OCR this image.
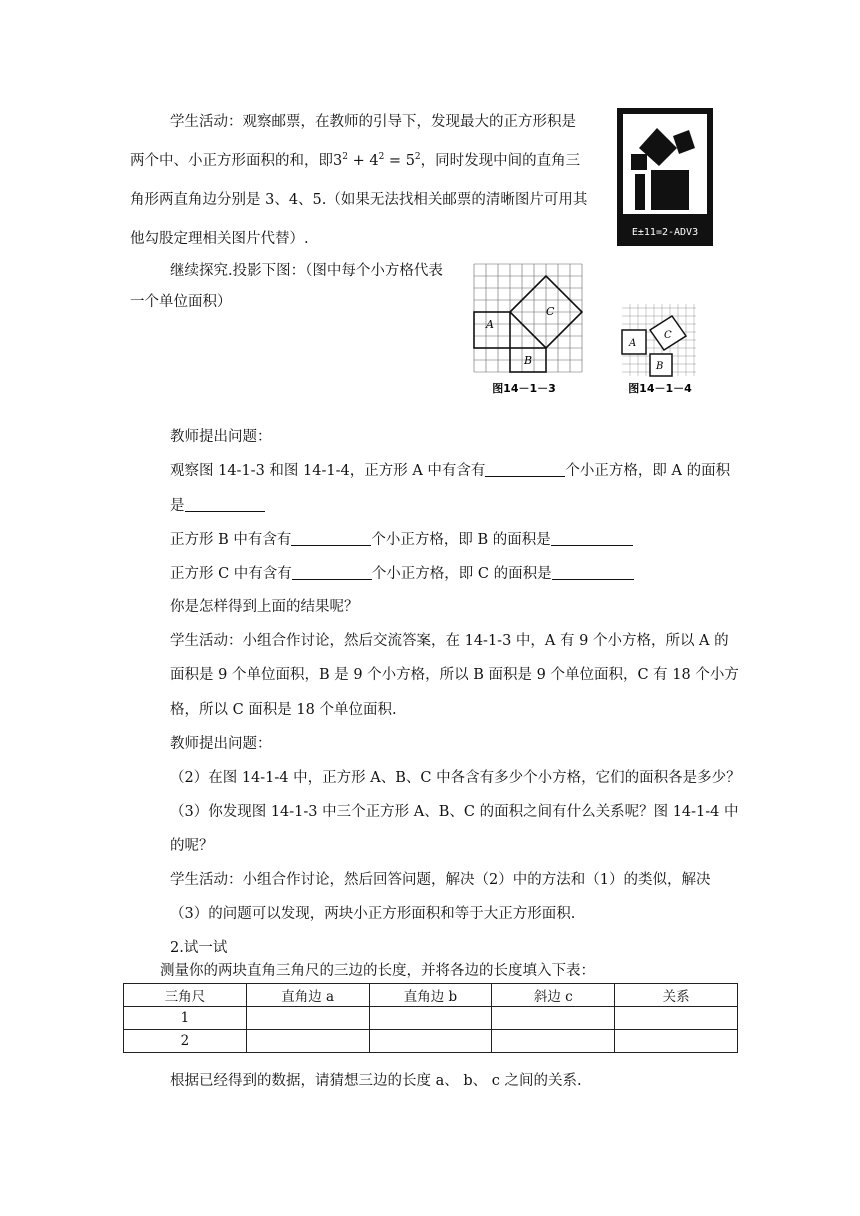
学生活动：观察邮票，在教师的引导下，发现最大的正方形积是

两个中、小正方形面积的和，即$3^2 + 4^2 = 5^2$，同时发现中间的直角三

角形两直角边分别是 3、4、5.（如果无法找相关邮票的清晰图片可用其

他勾股定理相关图片代替）.	E±11=2-ADV3

继续探究.投影下图：（图中每个小方格代表

一个单位面积）

A
B
C
图14－1－3
A
B
C
图14－1－4

教师提出问题：

观察图 14-1-3 和图 14-1-4，正方形 A 中有含有	个小正方格，即 A 的面积

是

正方形 B 中有含有	个小正方格，即 B 的面积是

正方形 C 中有含有	个小正方格，即 C 的面积是

你是怎样得到上面的结果呢？

学生活动：小组合作讨论，然后交流答案，在 14-1-3 中，A 有 9 个小方格，所以 A 的

面积是 9 个单位面积，B 是 9 个小方格，所以 B 面积是 9 个单位面积，C 有 18 个小方

格，所以 C 面积是 18 个单位面积.

教师提出问题：

（2）在图 14-1-4 中，正方形 A、B、C 中各含有多少个小方格，它们的面积各是多少？

（3）你发现图 14-1-3 中三个正方形 A、B、C 的面积之间有什么关系呢？图 14-1-4 中

的呢？

学生活动：小组合作讨论，然后回答问题，解决（2）中的方法和（1）的类似，解决

（3）的问题可以发现，两块小正方形面积和等于大正方形面积.

2.试一试

测量你的两块直角三角尺的三边的长度，并将各边的长度填入下表：

三角尺	直角边 a	直角边 b	斜边 c	关系
1				
2				

根据已经得到的数据，请猜想三边的长度 a、 b、 c 之间的关系.
